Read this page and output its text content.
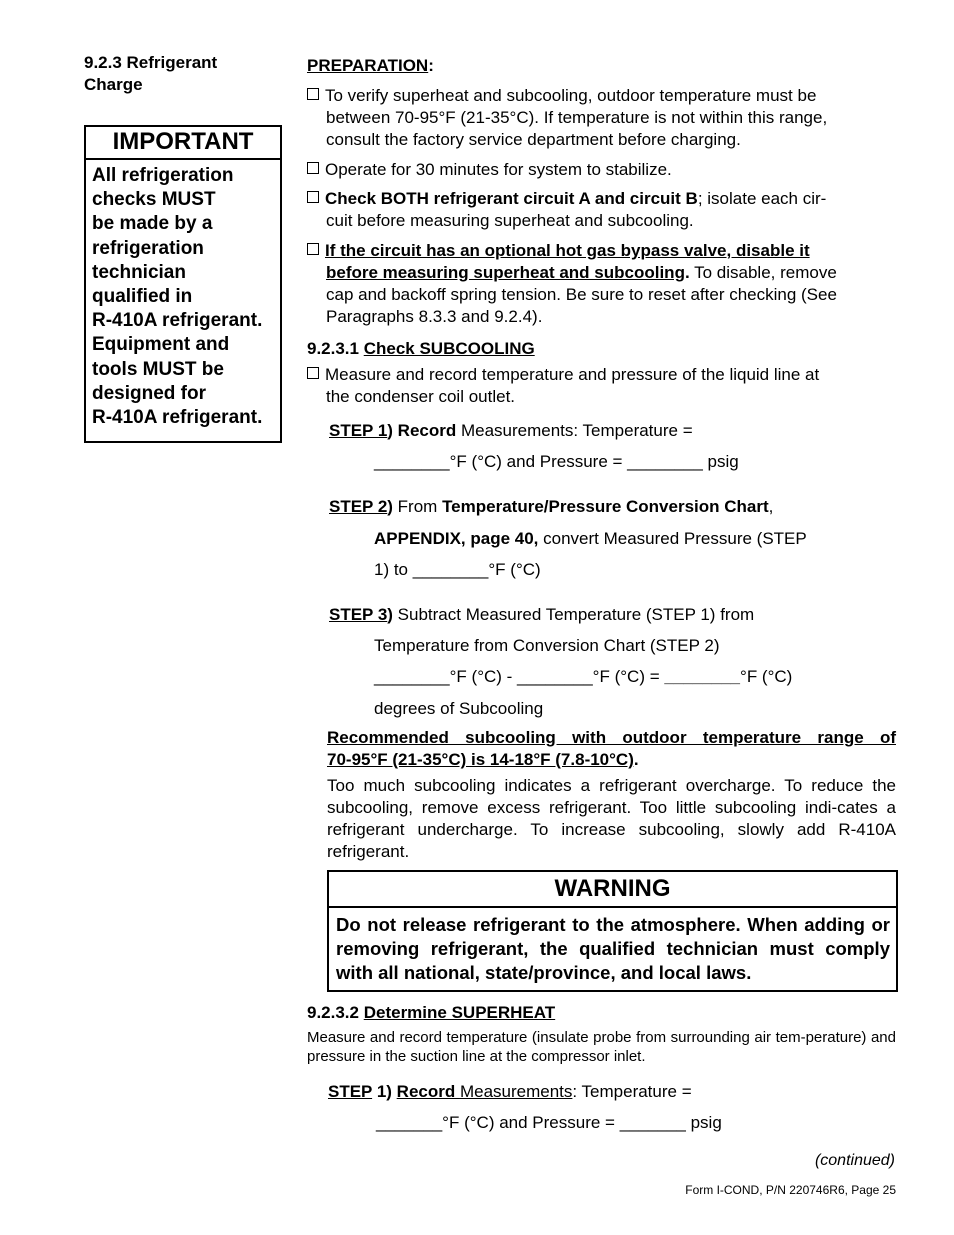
9.2.3 Refrigerant
Charge
IMPORTANT
All refrigeration
checks MUST
be made by a
refrigeration
technician
qualified in
R-410A refrigerant.
Equipment and
tools MUST be
designed for
R-410A refrigerant.
PREPARATION:
To verify superheat and subcooling, outdoor temperature must be
between 70-95°F (21-35°C). If temperature is not within this range,
consult the factory service department before charging.
Operate for 30 minutes for system to stabilize.
Check BOTH refrigerant circuit A and circuit B; isolate each cir-
cuit before measuring superheat and subcooling.
If the circuit has an optional hot gas bypass valve, disable it
before measuring superheat and subcooling. To disable, remove
cap and backoff spring tension. Be sure to reset after checking (See
Paragraphs 8.3.3 and 9.2.4).
9.2.3.1 Check SUBCOOLING
Measure and record temperature and pressure of the liquid line at
the condenser coil outlet.
STEP 1) Record Measurements: Temperature =
________°F (°C) and Pressure = ________ psig
STEP 2) From Temperature/Pressure Conversion Chart,
APPENDIX, page 40, convert Measured Pressure (STEP
1) to ________°F (°C)
STEP 3) Subtract Measured Temperature (STEP 1) from
Temperature from Conversion Chart (STEP 2)
________°F (°C) - ________°F (°C) = ________°F (°C)
degrees of Subcooling
Recommended subcooling with outdoor temperature range of
70-95°F (21-35°C) is 14-18°F (7.8-10°C).
Too much subcooling indicates a refrigerant overcharge. To reduce the subcooling, remove excess refrigerant. Too little subcooling indi-cates a refrigerant undercharge. To increase subcooling, slowly add R-410A refrigerant.
WARNING
Do not release refrigerant to the atmosphere. When adding or removing refrigerant, the qualified technician must comply with all national, state/province, and local laws.
9.2.3.2 Determine SUPERHEAT
Measure and record temperature (insulate probe from surrounding air tem-perature) and pressure in the suction line at the compressor inlet.
STEP 1) Record Measurements: Temperature =
_______°F (°C) and Pressure = _______ psig
(continued)
Form I-COND, P/N 220746R6, Page 25
